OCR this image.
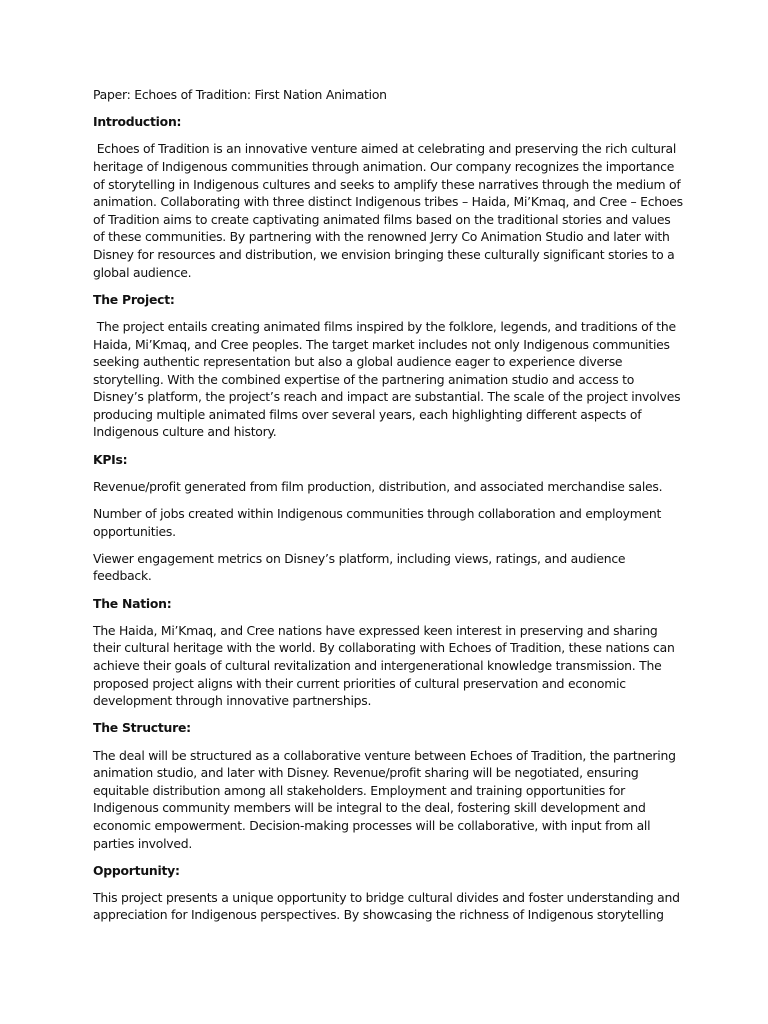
Paper: Echoes of Tradition: First Nation Animation

Introduction:

Echoes of Tradition is an innovative venture aimed at celebrating and preserving the rich cultural heritage of Indigenous communities through animation. Our company recognizes the importance of storytelling in Indigenous cultures and seeks to amplify these narratives through the medium of animation. Collaborating with three distinct Indigenous tribes – Haida, Mi’Kmaq, and Cree – Echoes of Tradition aims to create captivating animated films based on the traditional stories and values of these communities. By partnering with the renowned Jerry Co Animation Studio and later with Disney for resources and distribution, we envision bringing these culturally significant stories to a global audience.

The Project:

The project entails creating animated films inspired by the folklore, legends, and traditions of the Haida, Mi’Kmaq, and Cree peoples. The target market includes not only Indigenous communities seeking authentic representation but also a global audience eager to experience diverse storytelling. With the combined expertise of the partnering animation studio and access to Disney’s platform, the project’s reach and impact are substantial. The scale of the project involves producing multiple animated films over several years, each highlighting different aspects of Indigenous culture and history.

KPIs:

Revenue/profit generated from film production, distribution, and associated merchandise sales.

Number of jobs created within Indigenous communities through collaboration and employment opportunities.

Viewer engagement metrics on Disney’s platform, including views, ratings, and audience feedback.

The Nation:

The Haida, Mi’Kmaq, and Cree nations have expressed keen interest in preserving and sharing their cultural heritage with the world. By collaborating with Echoes of Tradition, these nations can achieve their goals of cultural revitalization and intergenerational knowledge transmission. The proposed project aligns with their current priorities of cultural preservation and economic development through innovative partnerships.

The Structure:

The deal will be structured as a collaborative venture between Echoes of Tradition, the partnering animation studio, and later with Disney. Revenue/profit sharing will be negotiated, ensuring equitable distribution among all stakeholders. Employment and training opportunities for Indigenous community members will be integral to the deal, fostering skill development and economic empowerment. Decision-making processes will be collaborative, with input from all parties involved.

Opportunity:

This project presents a unique opportunity to bridge cultural divides and foster understanding and appreciation for Indigenous perspectives. By showcasing the richness of Indigenous storytelling
